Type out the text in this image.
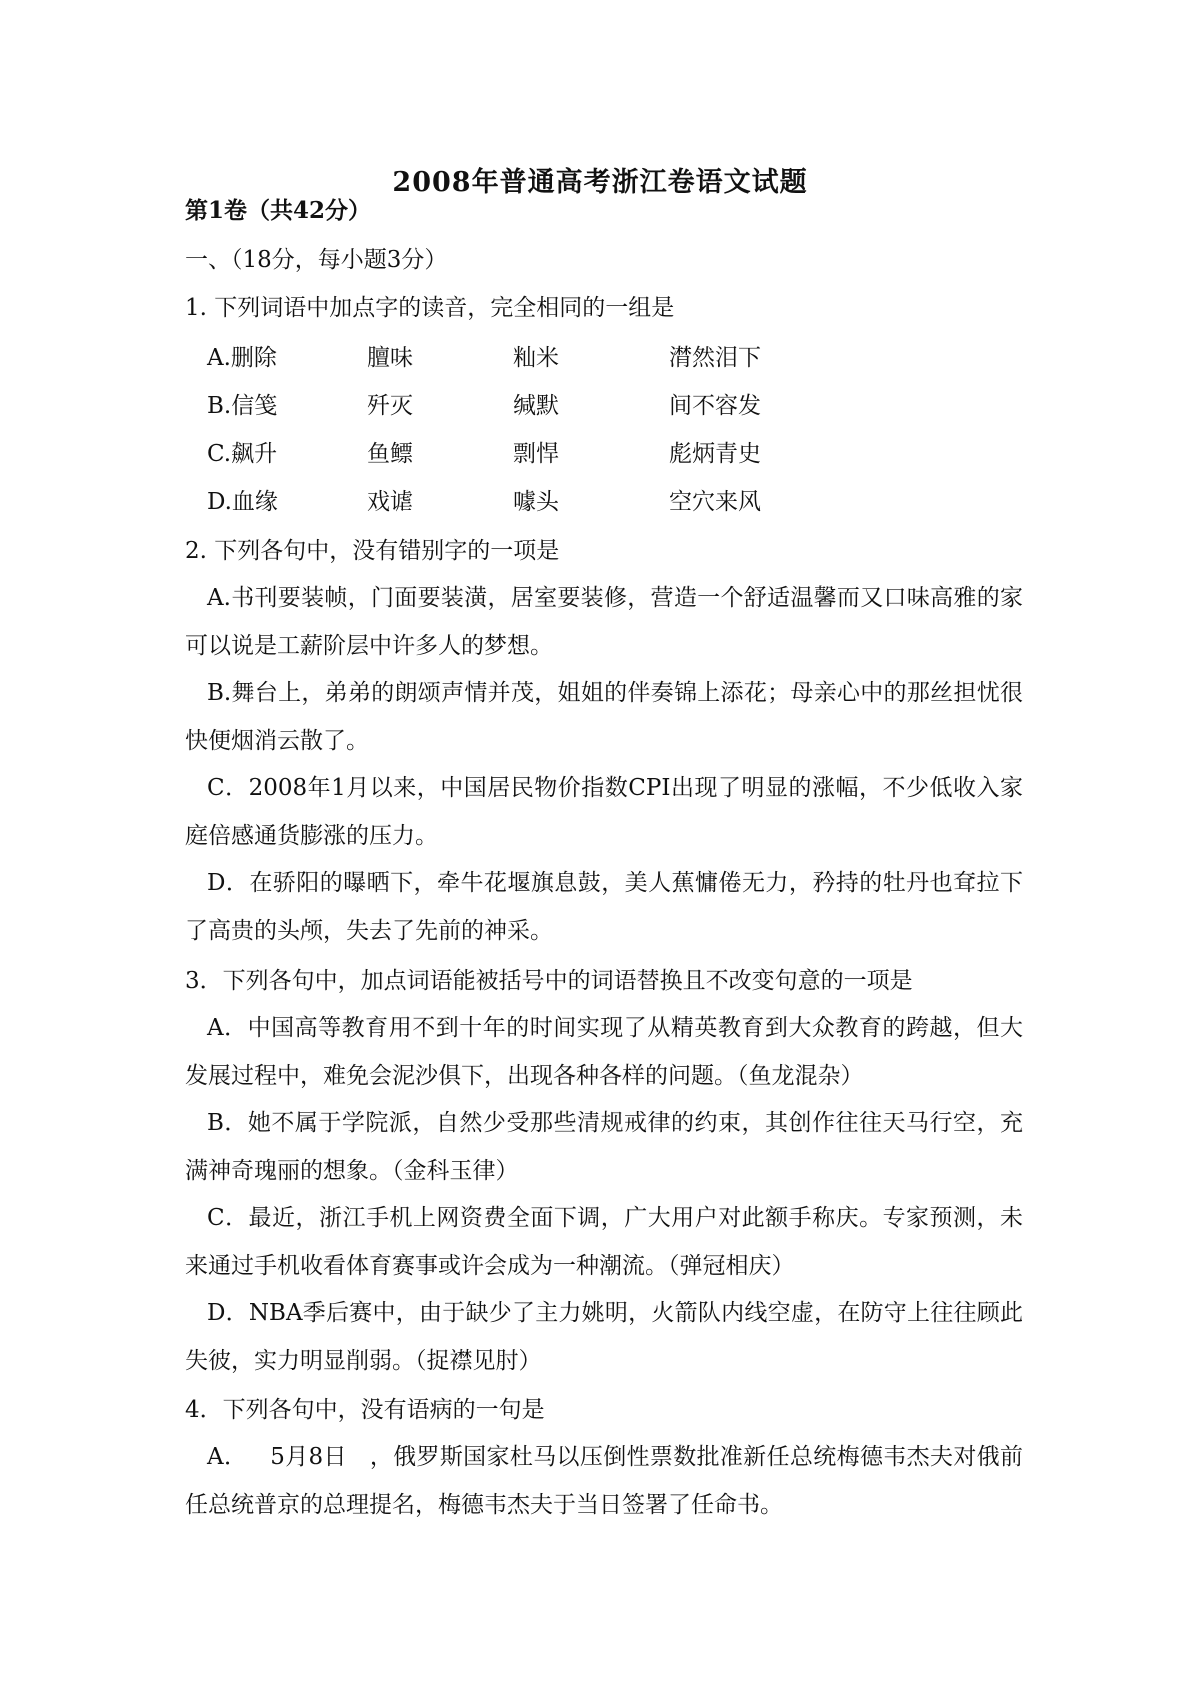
2008年普通高考浙江卷语文试题
第1卷（共42分）
一、（18分，每小题3分）
1. 下列词语中加点字的读音，完全相同的一组是
A.删除	膻味	籼米	潸然泪下
B.信笺	歼灭	缄默	间不容发
C.飙升	鱼鳔	剽悍	彪炳青史
D.血缘	戏谑	噱头	空穴来风
2. 下列各句中，没有错别字的一项是
A.书刊要装帧，门面要装潢，居室要装修，营造一个舒适温馨而又口味高雅的家可以说是工薪阶层中许多人的梦想。
B.舞台上，弟弟的朗颂声情并茂，姐姐的伴奏锦上添花；母亲心中的那丝担忧很快便烟消云散了。
C．2008年1月以来，中国居民物价指数CPI出现了明显的涨幅，不少低收入家庭倍感通货膨涨的压力。
D．在骄阳的曝晒下，牵牛花堰旗息鼓，美人蕉慵倦无力，矜持的牡丹也耷拉下了高贵的头颅，失去了先前的神采。
3．下列各句中，加点词语能被括号中的词语替换且不改变句意的一项是
A．中国高等教育用不到十年的时间实现了从精英教育到大众教育的跨越，但大发展过程中，难免会泥沙俱下，出现各种各样的问题。（鱼龙混杂）
B．她不属于学院派，自然少受那些清规戒律的约束，其创作往往天马行空，充满神奇瑰丽的想象。（金科玉律）
C．最近，浙江手机上网资费全面下调，广大用户对此额手称庆。专家预测，未来通过手机收看体育赛事或许会成为一种潮流。（弹冠相庆）
D．NBA季后赛中，由于缺少了主力姚明，火箭队内线空虚，在防守上往往顾此失彼，实力明显削弱。（捉襟见肘）
4．下列各句中，没有语病的一句是
A．   5月8日   ，俄罗斯国家杜马以压倒性票数批准新任总统梅德韦杰夫对俄前任总统普京的总理提名，梅德韦杰夫于当日签署了任命书。
